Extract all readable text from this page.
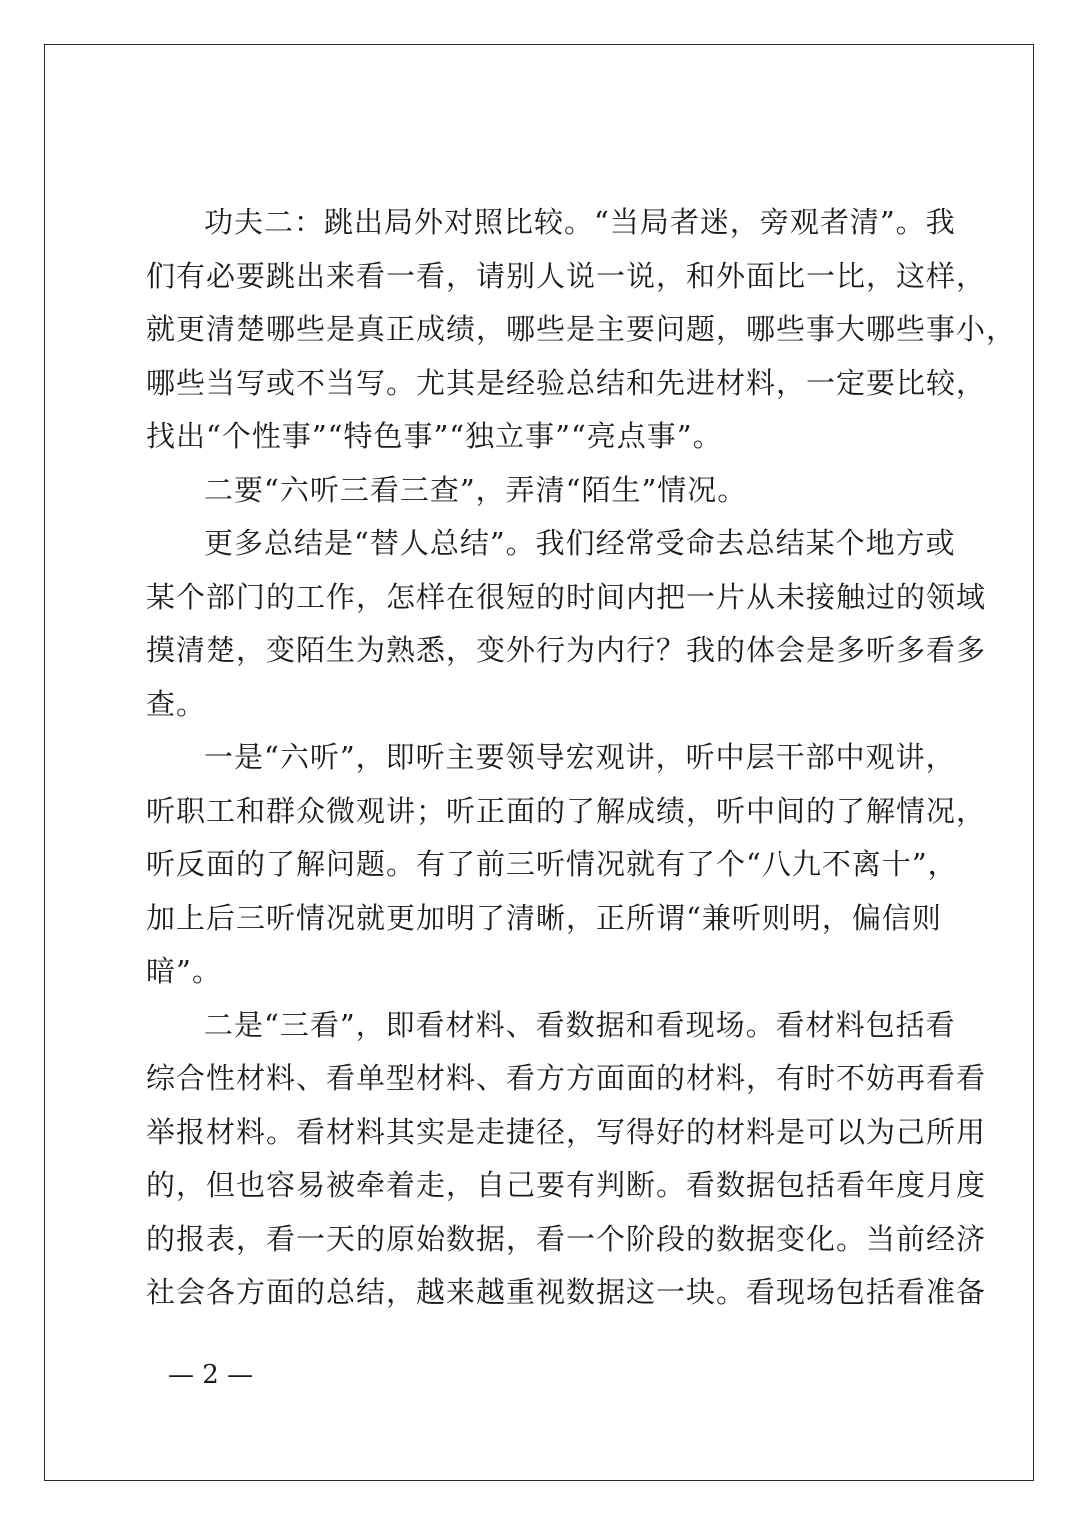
功夫二：跳出局外对照比较。“当局者迷，旁观者清”。我
们有必要跳出来看一看，请别人说一说，和外面比一比，这样，
就更清楚哪些是真正成绩，哪些是主要问题，哪些事大哪些事小，
哪些当写或不当写。尤其是经验总结和先进材料，一定要比较，
找出“个性事”“特色事”“独立事”“亮点事”。
二要“六听三看三查”，弄清“陌生”情况。
更多总结是“替人总结”。我们经常受命去总结某个地方或
某个部门的工作，怎样在很短的时间内把一片从未接触过的领域
摸清楚，变陌生为熟悉，变外行为内行？我的体会是多听多看多
查。
一是“六听”，即听主要领导宏观讲，听中层干部中观讲，
听职工和群众微观讲；听正面的了解成绩，听中间的了解情况，
听反面的了解问题。有了前三听情况就有了个“八九不离十”，
加上后三听情况就更加明了清晰，正所谓“兼听则明，偏信则
暗”。
二是“三看”，即看材料、看数据和看现场。看材料包括看
综合性材料、看单型材料、看方方面面的材料，有时不妨再看看
举报材料。看材料其实是走捷径，写得好的材料是可以为己所用
的，但也容易被牵着走，自己要有判断。看数据包括看年度月度
的报表，看一天的原始数据，看一个阶段的数据变化。当前经济
社会各方面的总结，越来越重视数据这一块。看现场包括看准备
— 2 —
